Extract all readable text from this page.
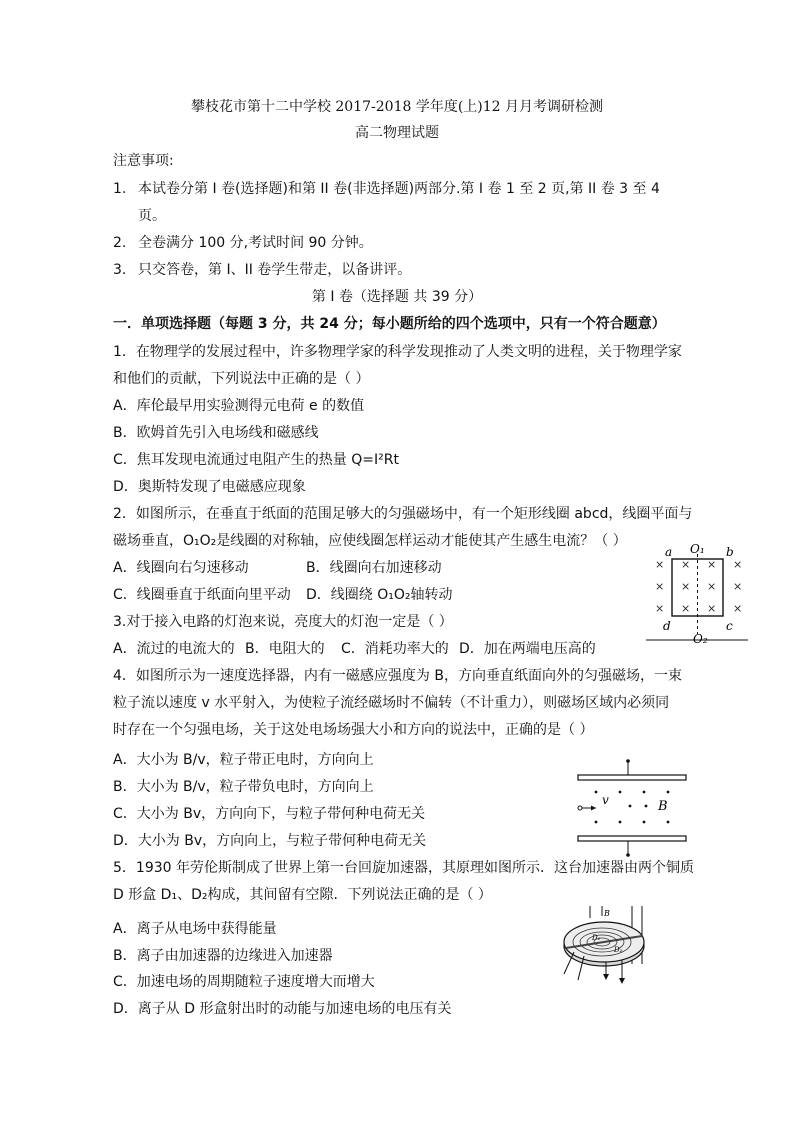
攀枝花市第十二中学校 2017-2018 学年度(上)12 月月考调研检测
高二物理试题
注意事项:
1. 本试卷分第 I 卷(选择题)和第 II 卷(非选择题)两部分.第 I 卷 1 至 2 页,第 II 卷 3 至 4
页。
2. 全卷满分 100 分,考试时间 90 分钟。
3. 只交答卷，第 I、II 卷学生带走，以备讲评。
第 I 卷（选择题 共 39 分）
一．单项选择题（每题 3 分，共 24 分；每小题所给的四个选项中，只有一个符合题意）
1．在物理学的发展过程中，许多物理学家的科学发现推动了人类文明的进程，关于物理学家
和他们的贡献，下列说法中正确的是（ ）
A．库伦最早用实验测得元电荷 e 的数值
B．欧姆首先引入电场线和磁感线
C．焦耳发现电流通过电阻产生的热量 Q=I²Rt
D．奥斯特发现了电磁感应现象
2．如图所示，在垂直于纸面的范围足够大的匀强磁场中，有一个矩形线圈 abcd，线圈平面与
磁场垂直，O₁O₂是线圈的对称轴，应使线圈怎样运动才能使其产生感生电流？（ ）
A．线圈向右匀速移动	B．线圈向右加速移动
C．线圈垂直于纸面向里平动 D．线圈绕 O₁O₂轴转动
× × × ×
× × × ×
× × × ×
O₁
O₂
a	b
c
d
3.对于接入电路的灯泡来说，亮度大的灯泡一定是（ ）
A．流过的电流大的 B．电阻大的 C．消耗功率大的 D．加在两端电压高的
4．如图所示为一速度选择器，内有一磁感应强度为 B，方向垂直纸面向外的匀强磁场，一束
粒子流以速度 v 水平射入，为使粒子流经磁场时不偏转（不计重力），则磁场区域内必须同
时存在一个匀强电场，关于这处电场场强大小和方向的说法中，正确的是（ ）
A．大小为 B/v，粒子带正电时，方向向上
B．大小为 B/v，粒子带负电时，方向向上
C．大小为 Bv，方向向下，与粒子带何种电荷无关
D．大小为 Bv，方向向上，与粒子带何种电荷无关
v	B
5．1930 年劳伦斯制成了世界上第一台回旋加速器，其原理如图所示．这台加速器由两个铜质
D 形盒 D₁、D₂构成，其间留有空隙．下列说法正确的是（ ）
A．离子从电场中获得能量
B．离子由加速器的边缘进入加速器
C．加速电场的周期随粒子速度增大而增大
D．离子从 D 形盒射出时的动能与加速电场的电压有关
B
D₁
D₂
